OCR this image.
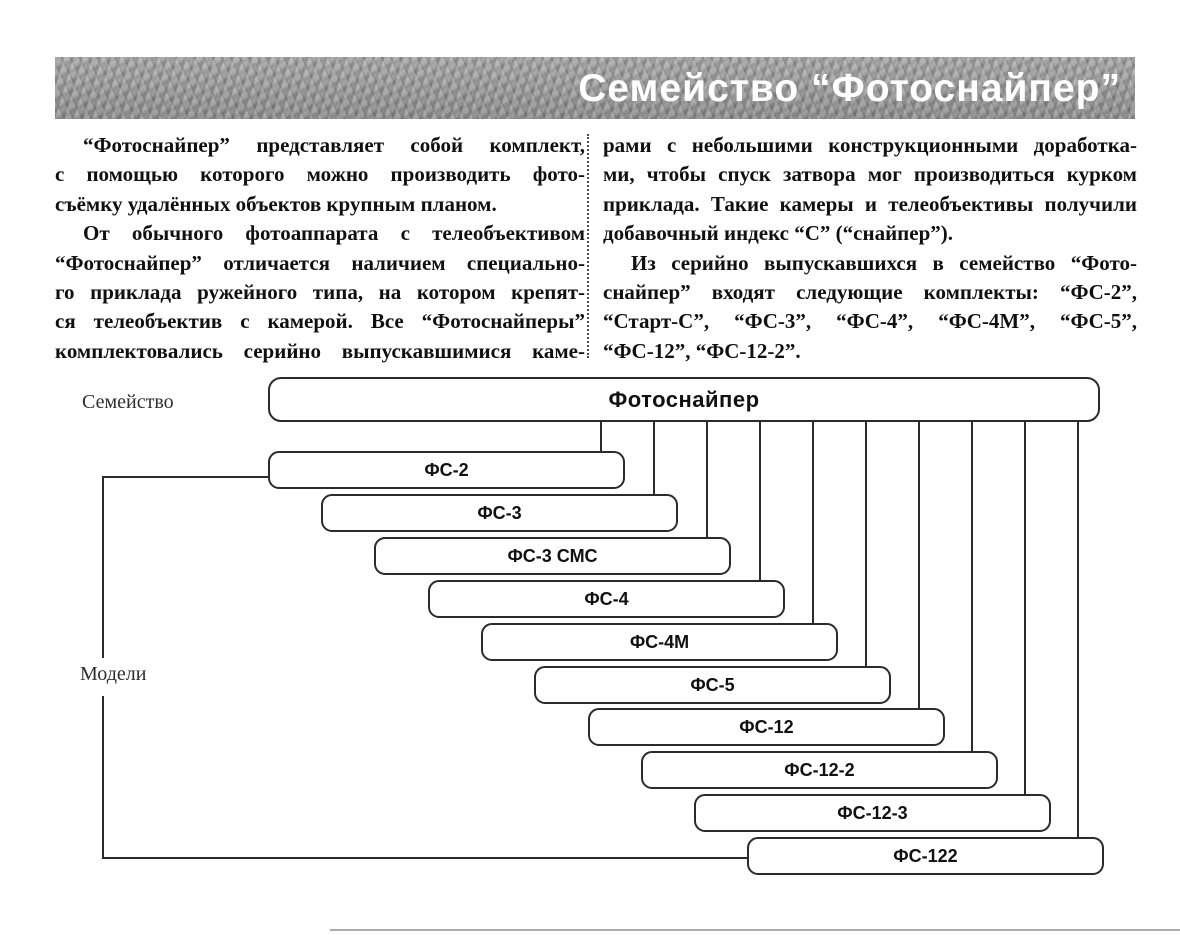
Семейство “Фотоснайпер”
“Фотоснайпер” представляет собой комплект,
с помощью которого можно производить фото-
съёмку удалённых объектов крупным планом.
От обычного фотоаппарата с телеобъективом
“Фотоснайпер” отличается наличием специально-
го приклада ружейного типа, на котором крепят-
ся телеобъектив с камерой. Все “Фотоснайперы”
комплектовались серийно выпускавшимися каме-
рами с небольшими конструкционными доработка-
ми, чтобы спуск затвора мог производиться курком
приклада. Такие камеры и телеобъективы получили
добавочный индекс “С” (“снайпер”).
Из серийно выпускавшихся в семейство “Фото-
снайпер” входят следующие комплекты: “ФС-2”,
“Старт-С”, “ФС-3”, “ФС-4”, “ФС-4М”, “ФС-5”,
“ФС-12”, “ФС-12-2”.
Семейство
Модели
Фотоснайпер
ФС-2
ФС-3
ФС-3 СМС
ФС-4
ФС-4М
ФС-5
ФС-12
ФС-12-2
ФС-12-3
ФС-122
